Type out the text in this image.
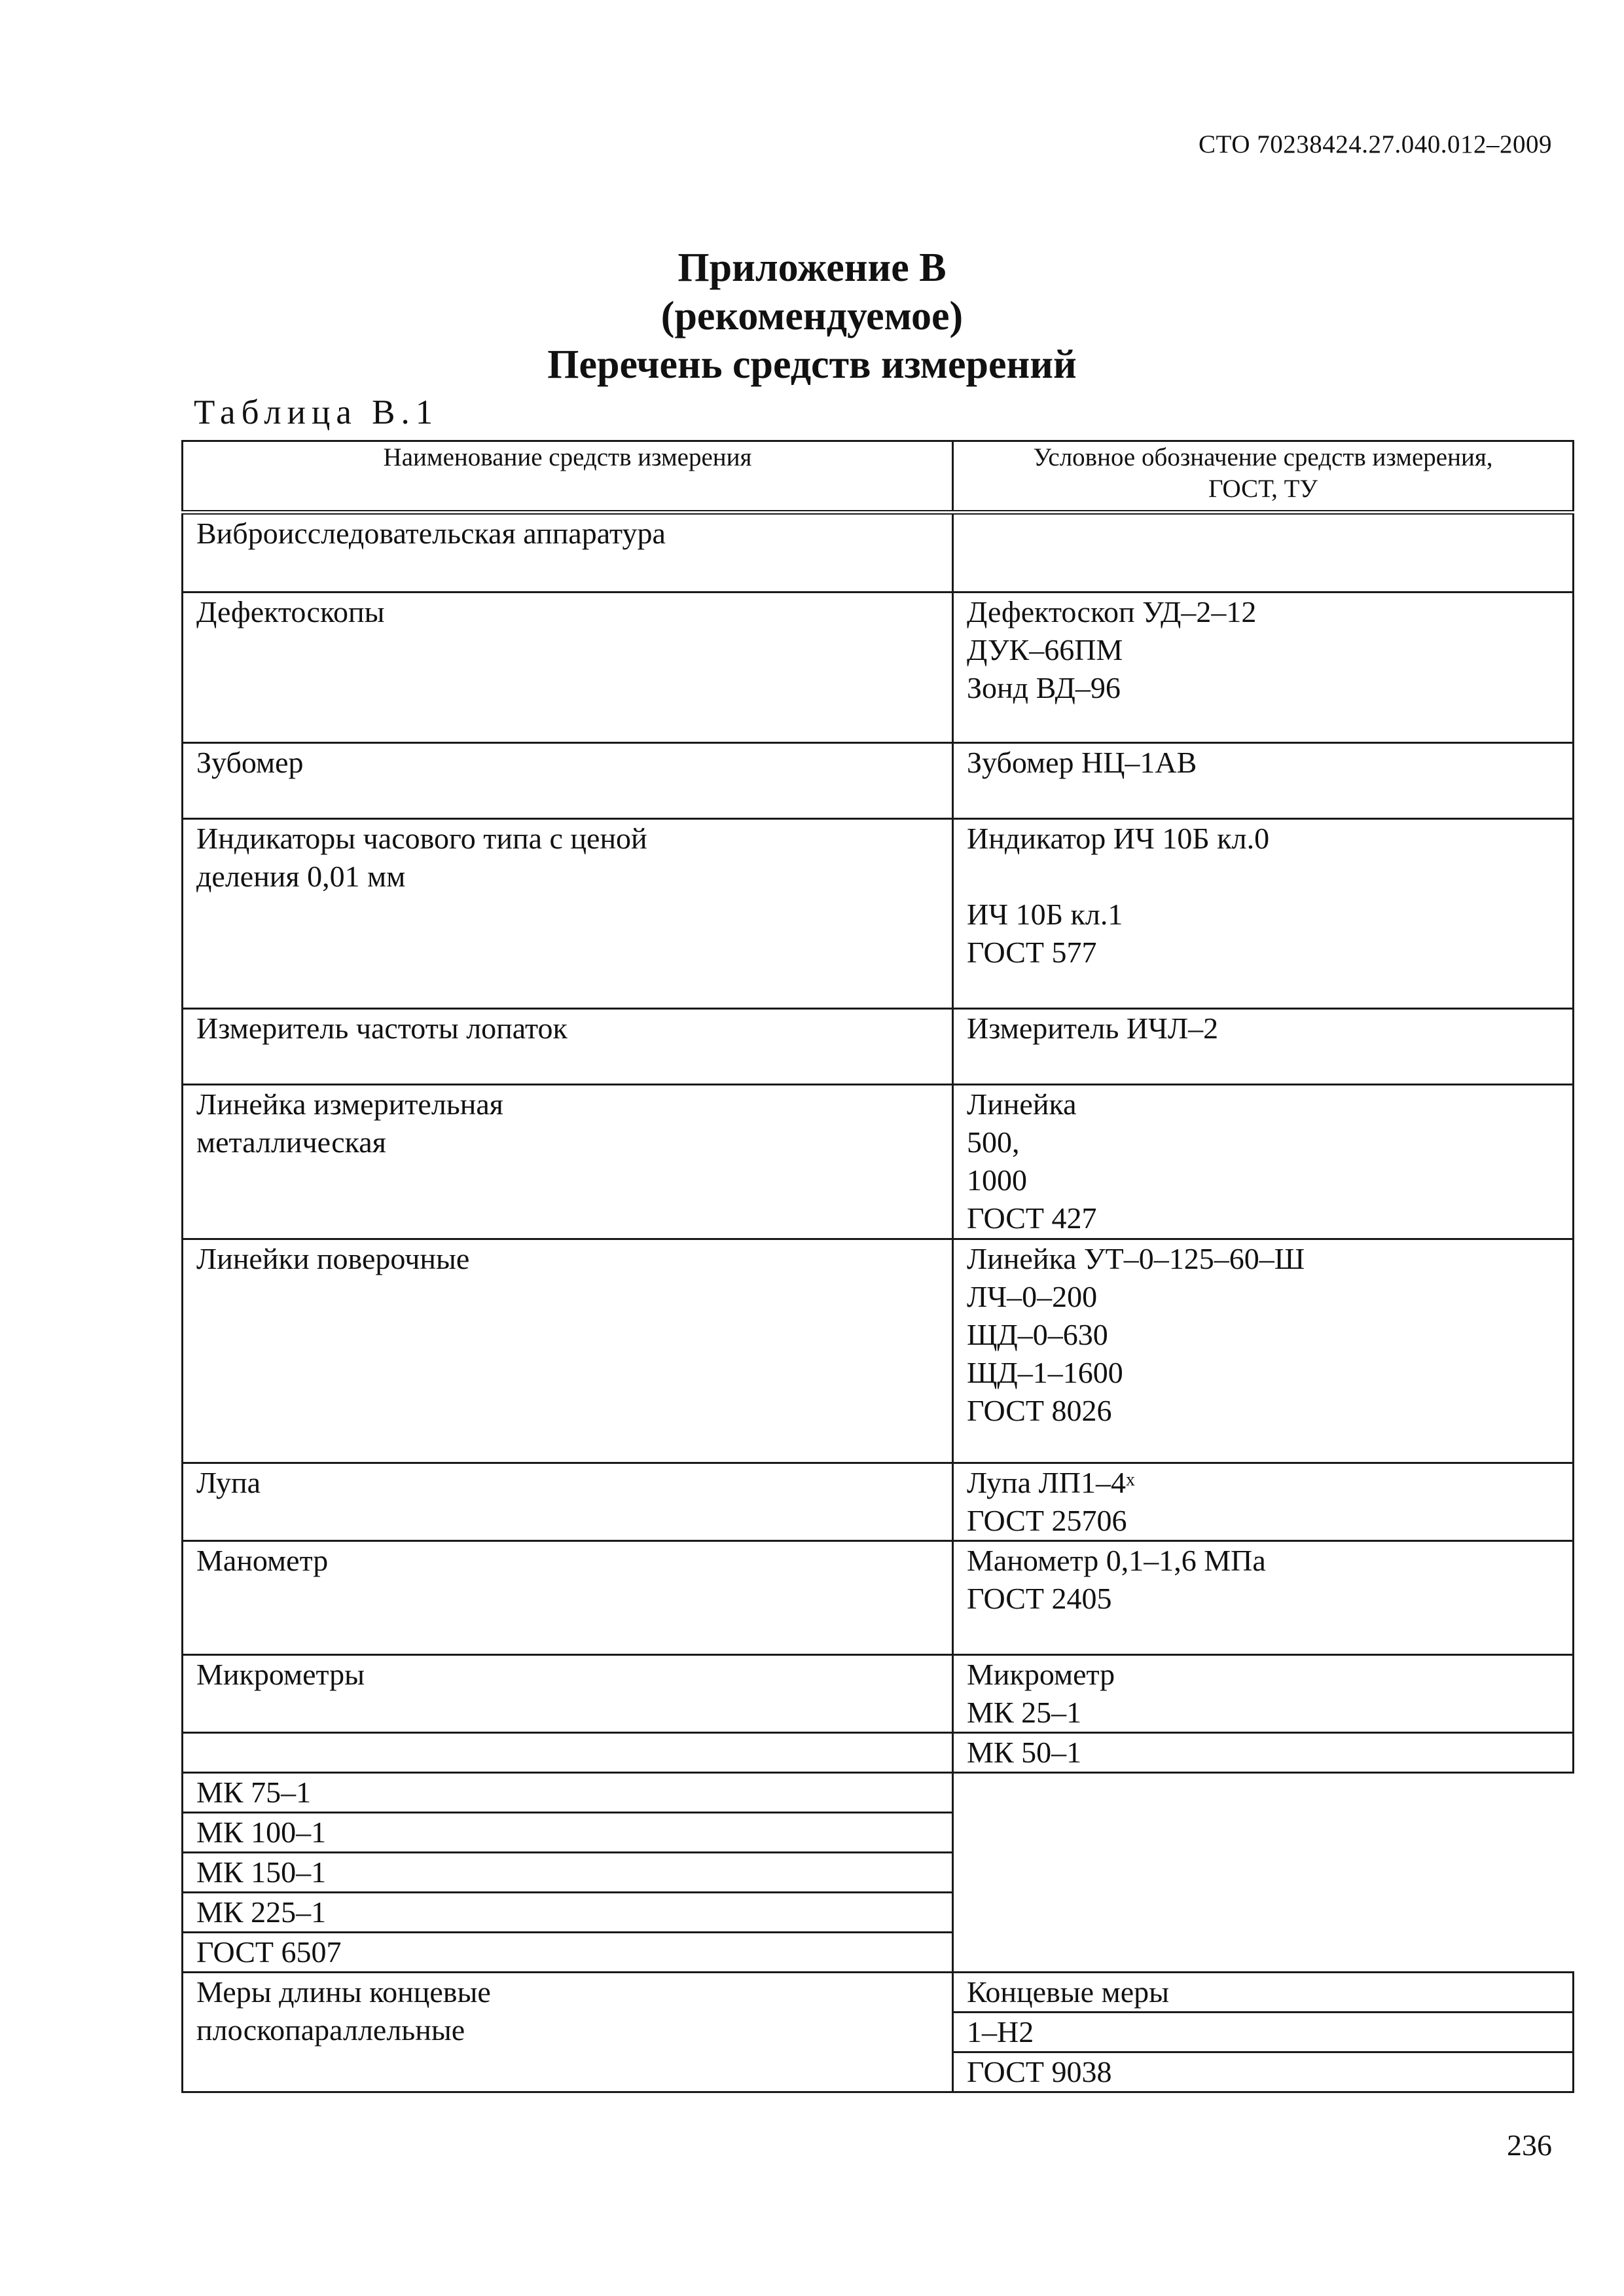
СТО 70238424.27.040.012–2009
Приложение В
(рекомендуемое)
Перечень средств измерений
Таблица В.1
Наименование средств измерения	Условное обозначение средств измерения,
ГОСТ, ТУ

Виброисследовательская аппаратура	

Дефектоскопы	Дефектоскоп УД–2–12
ДУК–66ПМ
Зонд ВД–96

Зубомер	Зубомер НЦ–1АВ

Индикаторы часового типа с ценой
деления 0,01 мм	Индикатор ИЧ 10Б кл.0
ИЧ 10Б кл.1
ГОСТ 577

Измеритель частоты лопаток	Измеритель ИЧЛ–2

Линейка измерительная
металлическая	Линейка
500,
1000
ГОСТ 427

Линейки поверочные	Линейка УТ–0–125–60–Ш
ЛЧ–0–200
ЩД–0–630
ЩД–1–1600
ГОСТ 8026

Лупа	Лупа $ЛП1-4^х$
ГОСТ 25706

Манометр	Манометр 0,1–1,6 МПа
ГОСТ 2405

Микрометры	Микрометр
МК 25–1

	МК 50–1

МК 75–1	

МК 100–1	

МК 150–1	

МК 225–1	

ГОСТ 6507	

Меры длины концевые
плоскопараллельные	Концевые меры

	1–Н2

	ГОСТ 9038
236
